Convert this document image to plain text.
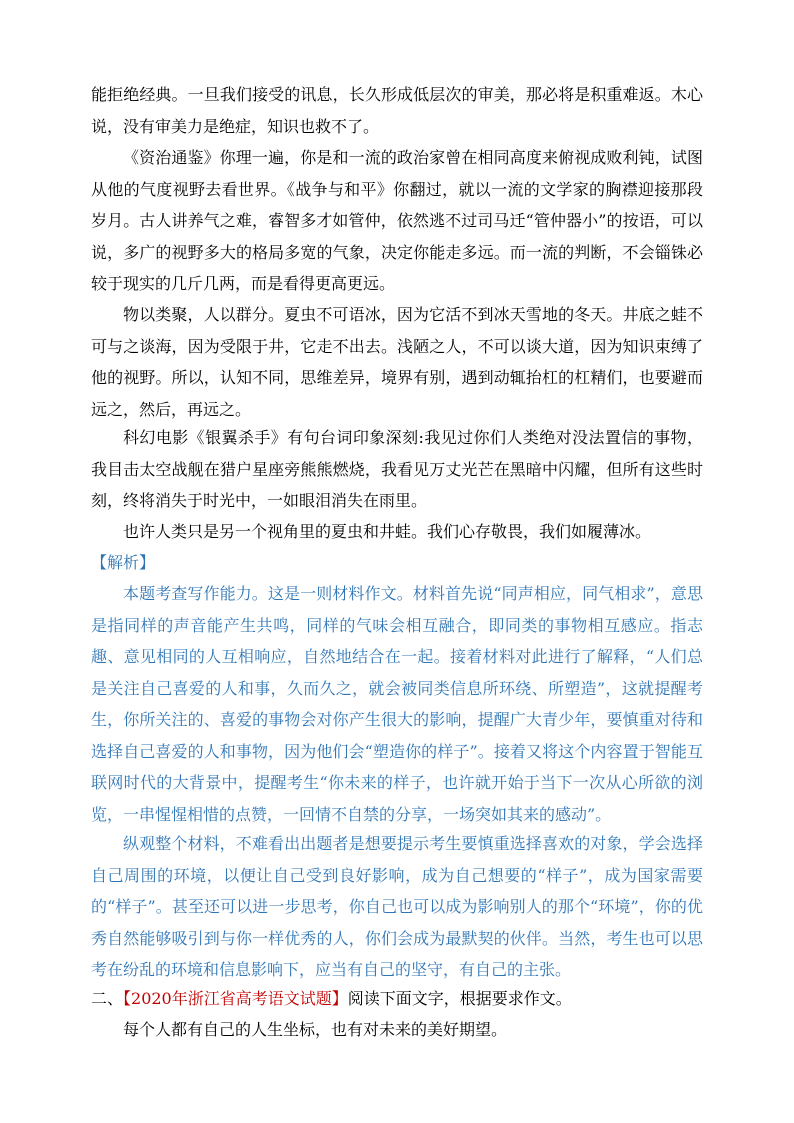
能拒绝经典。一旦我们接受的讯息，长久形成低层次的审美，那必将是积重难返。木心说，没有审美力是绝症，知识也救不了。

《资治通鉴》你理一遍，你是和一流的政治家曾在相同高度来俯视成败利钝，试图从他的气度视野去看世界。《战争与和平》你翻过，就以一流的文学家的胸襟迎接那段岁月。古人讲养气之难，睿智多才如管仲，依然逃不过司马迁“管仲器小”的按语，可以说，多广的视野多大的格局多宽的气象，决定你能走多远。而一流的判断，不会锱铢必较于现实的几斤几两，而是看得更高更远。

物以类聚，人以群分。夏虫不可语冰，因为它活不到冰天雪地的冬天。井底之蛙不可与之谈海，因为受限于井，它走不出去。浅陋之人，不可以谈大道，因为知识束缚了他的视野。所以，认知不同，思维差异，境界有别，遇到动辄抬杠的杠精们，也要避而远之，然后，再远之。

科幻电影《银翼杀手》有句台词印象深刻:我见过你们人类绝对没法置信的事物，我目击太空战舰在猎户星座旁熊熊燃烧，我看见万丈光芒在黑暗中闪耀，但所有这些时刻，终将消失于时光中，一如眼泪消失在雨里。

也许人类只是另一个视角里的夏虫和井蛙。我们心存敬畏，我们如履薄冰。

【解析】

本题考查写作能力。这是一则材料作文。材料首先说“同声相应，同气相求”，意思是指同样的声音能产生共鸣，同样的气味会相互融合，即同类的事物相互感应。指志趣、意见相同的人互相响应，自然地结合在一起。接着材料对此进行了解释，“人们总是关注自己喜爱的人和事，久而久之，就会被同类信息所环绕、所塑造”，这就提醒考生，你所关注的、喜爱的事物会对你产生很大的影响，提醒广大青少年，要慎重对待和选择自己喜爱的人和事物，因为他们会“塑造你的样子”。接着又将这个内容置于智能互联网时代的大背景中，提醒考生“你未来的样子，也许就开始于当下一次从心所欲的浏览，一串惺惺相惜的点赞，一回情不自禁的分享，一场突如其来的感动”。

纵观整个材料，不难看出出题者是想要提示考生要慎重选择喜欢的对象，学会选择自己周围的环境，以便让自己受到良好影响，成为自己想要的“样子”，成为国家需要的“样子”。甚至还可以进一步思考，你自己也可以成为影响别人的那个“环境”，你的优秀自然能够吸引到与你一样优秀的人，你们会成为最默契的伙伴。当然，考生也可以思考在纷乱的环境和信息影响下，应当有自己的坚守，有自己的主张。

二、【2020年浙江省高考语文试题】阅读下面文字，根据要求作文。

每个人都有自己的人生坐标，也有对未来的美好期望。
